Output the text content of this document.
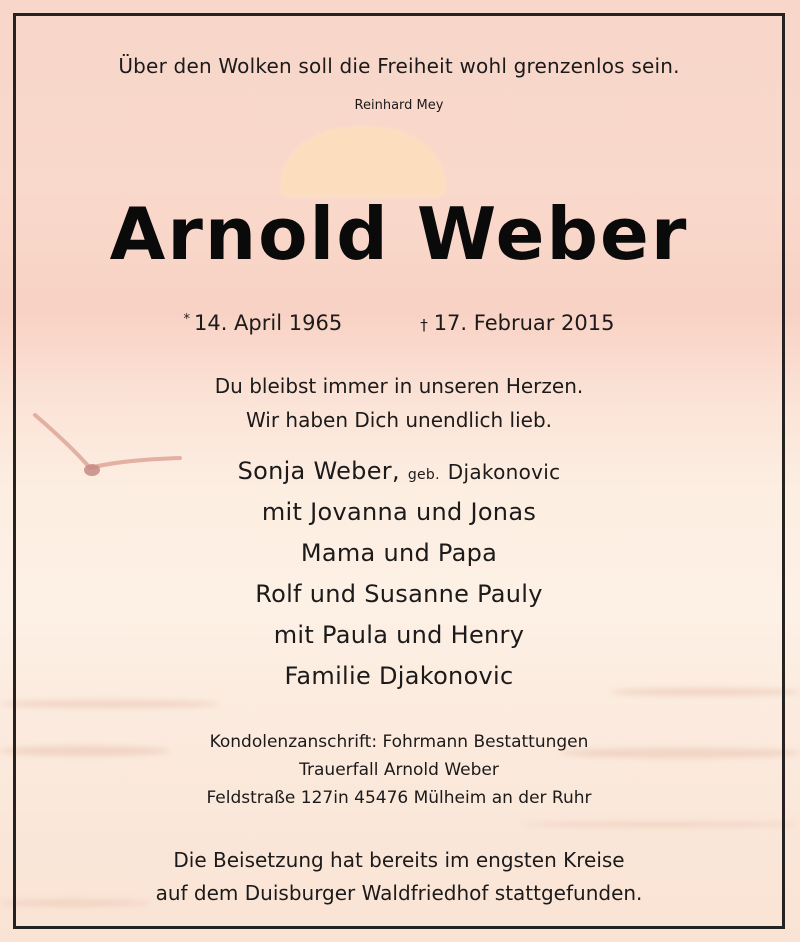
Über den Wolken soll die Freiheit wohl grenzenlos sein.
Reinhard Mey
Arnold Weber
* 14. April 1965	† 17. Februar 2015
Du bleibst immer in unseren Herzen.
Wir haben Dich unendlich lieb.
Sonja Weber, geb. Djakonovic
mit Jovanna und Jonas
Mama und Papa
Rolf und Susanne Pauly
mit Paula und Henry
Familie Djakonovic
Kondolenzanschrift: Fohrmann Bestattungen
Trauerfall Arnold Weber
Feldstraße 127in 45476 Mülheim an der Ruhr
Die Beisetzung hat bereits im engsten Kreise
auf dem Duisburger Waldfriedhof stattgefunden.
